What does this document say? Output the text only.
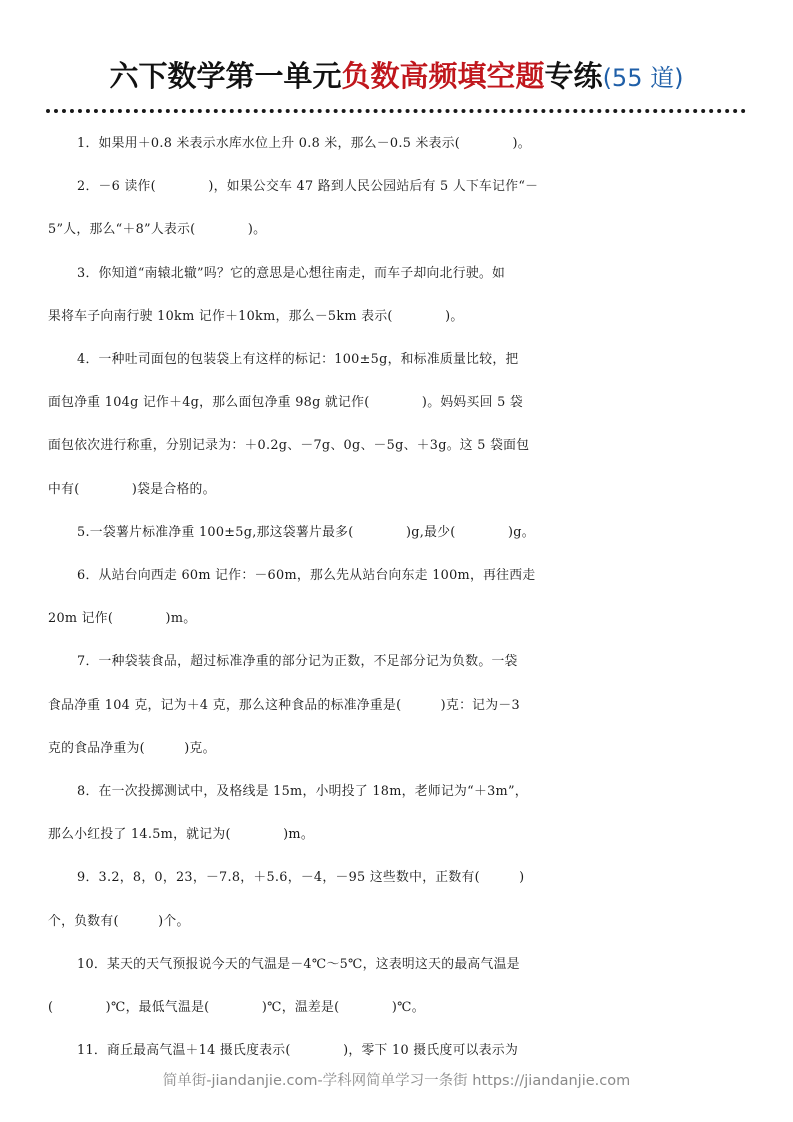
六下数学第一单元负数高频填空题专练(55 道)
1．如果用＋0.8 米表示水库水位上升 0.8 米，那么－0.5 米表示(　　　　)。
2．－6 读作(　　　　)，如果公交车 47 路到人民公园站后有 5 人下车记作“－
5”人，那么“＋8”人表示(　　　　)。
3．你知道“南辕北辙”吗？它的意思是心想往南走，而车子却向北行驶。如
果将车子向南行驶 10km 记作＋10km，那么－5km 表示(　　　　)。
4．一种吐司面包的包装袋上有这样的标记：100±5g，和标准质量比较，把
面包净重 104g 记作＋4g，那么面包净重 98g 就记作(　　　　)。妈妈买回 5 袋
面包依次进行称重，分别记录为：＋0.2g、－7g、0g、－5g、＋3g。这 5 袋面包
中有(　　　　)袋是合格的。
5.一袋薯片标准净重 100±5g,那这袋薯片最多(　　　　)g,最少(　　　　)g。
6．从站台向西走 60m 记作：－60m，那么先从站台向东走 100m，再往西走
20m 记作(　　　　)m。
7．一种袋装食品，超过标准净重的部分记为正数，不足部分记为负数。一袋
食品净重 104 克，记为＋4 克，那么这种食品的标准净重是(　　　)克：记为－3
克的食品净重为(　　　)克。
8．在一次投掷测试中，及格线是 15m，小明投了 18m，老师记为“＋3m”，
那么小红投了 14.5m，就记为(　　　　)m。
9．3.2，8，0，23，－7.8，＋5.6，－4，－95 这些数中，正数有(　　　)
个，负数有(　　　)个。
10．某天的天气预报说今天的气温是－4℃～5℃，这表明这天的最高气温是
(　　　　)℃，最低气温是(　　　　)℃，温差是(　　　　)℃。
11．商丘最高气温＋14 摄氏度表示(　　　　)，零下 10 摄氏度可以表示为
简单街-jiandanjie.com-学科网简单学习一条街 https://jiandanjie.com
